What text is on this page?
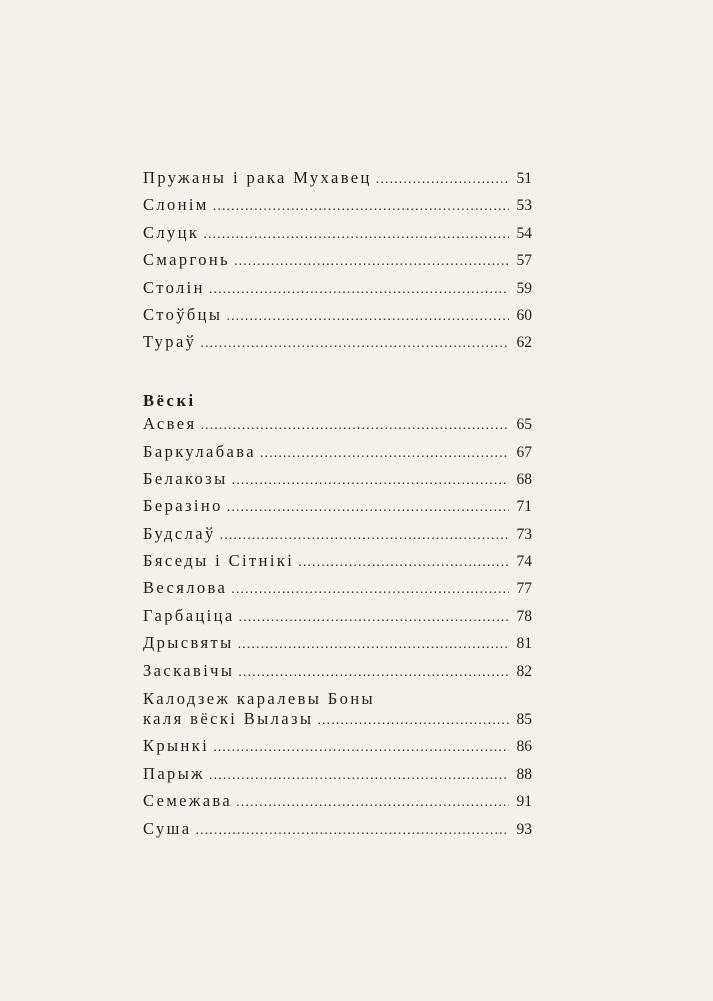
Пружаны і рака Мухавец . . .	51
Слонім . . .	53
Слуцк . . .	54
Смаргонь . . .	57
Столін . . .	59
Стоўбцы . . .	60
Тураў . . .	62
Вёскі
Асвея . . .	65
Баркулабава . . .	67
Белакозы . . .	68
Беразіно . . .	71
Будслаў . . .	73
Бяседы і Сітнікі . . .	74
Весялова . . .	77
Гарбацiца . . .	78
Дрысвяты . . .	81
Заскавічы . . .	82
Калодзеж каралевы Боны
каля вёскі Вылазы . . .	85
Крынкі . . .	86
Парыж . . .	88
Семежава . . .	91
Суша . . .	93
